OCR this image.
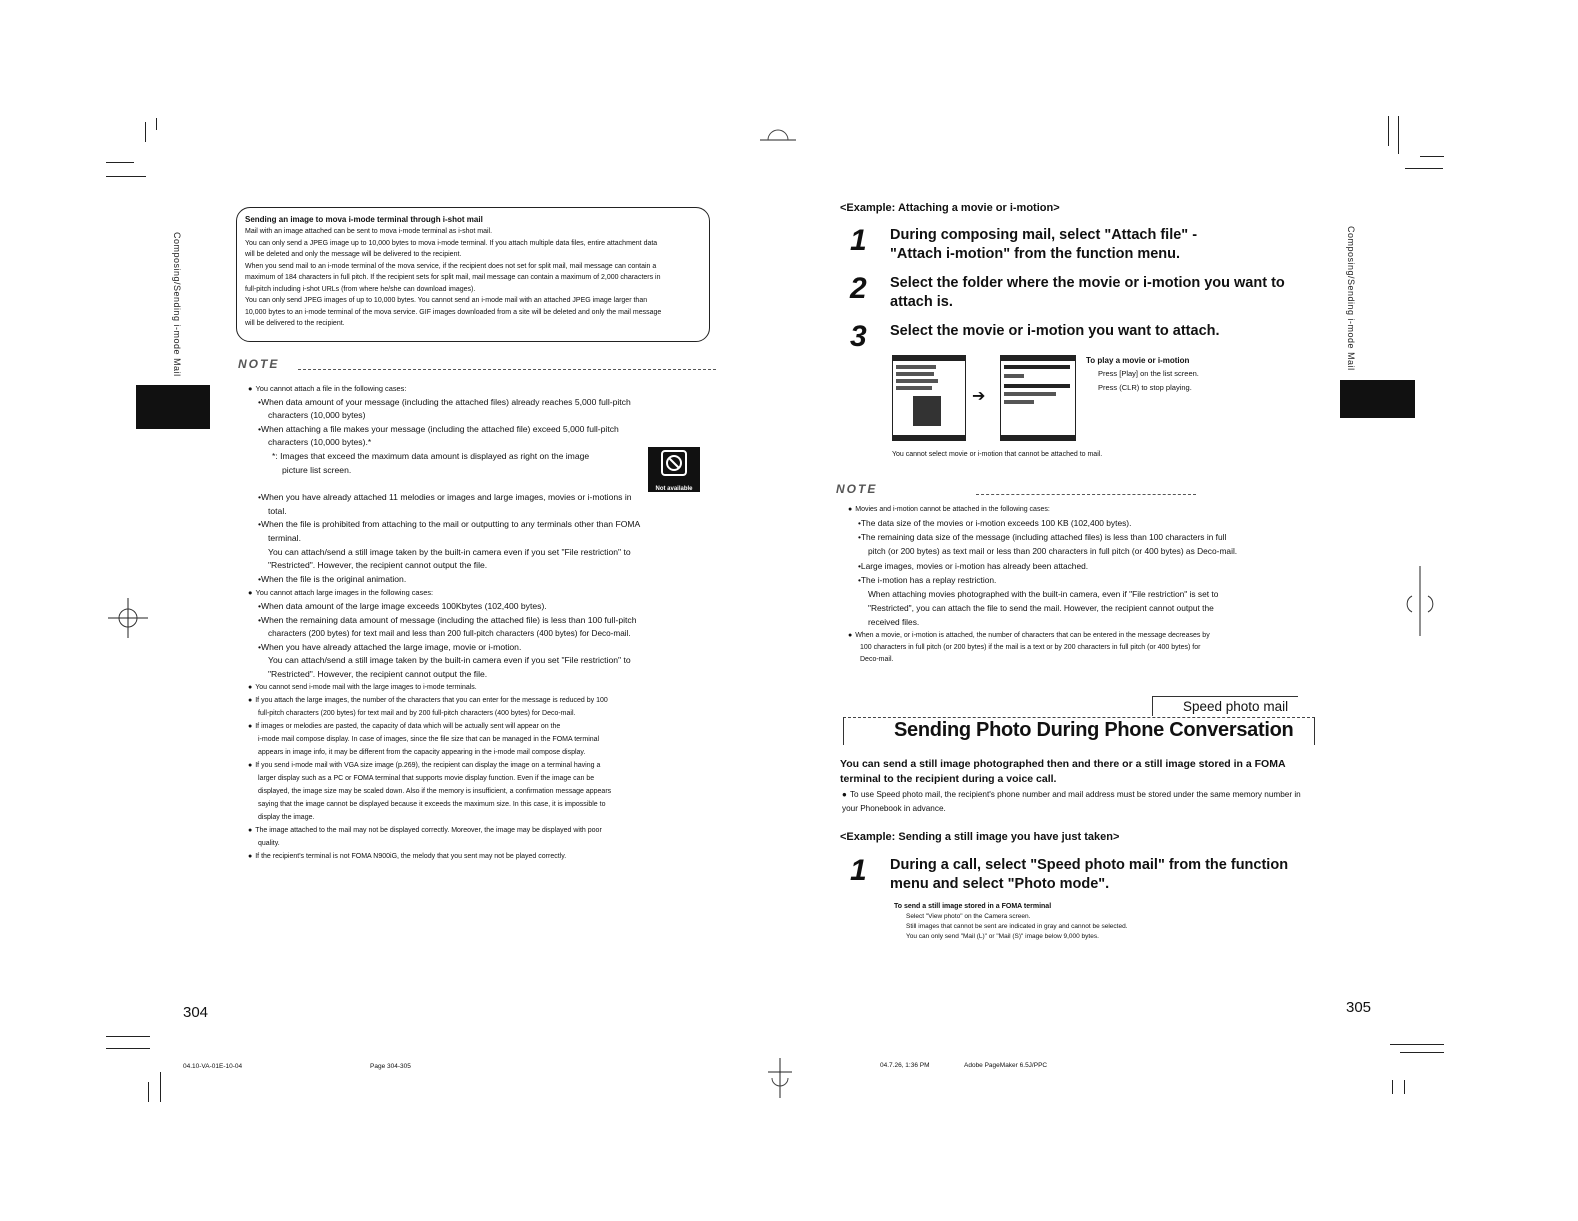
Composing/Sending i-mode Mail
Sending an image to mova i-mode terminal through i-shot mail
Mail with an image attached can be sent to mova i-mode terminal as i-shot mail.
You can only send a JPEG image up to 10,000 bytes to mova i-mode terminal. If you attach multiple data files, entire attachment data
will be deleted and only the message will be delivered to the recipient.
When you send mail to an i-mode terminal of the mova service, if the recipient does not set for split mail, mail message can contain a
maximum of 184 characters in full pitch. If the recipient sets for split mail, mail message can contain a maximum of 2,000 characters in
full-pitch including i-shot URLs (from where he/she can download images).
You can only send JPEG images of up to 10,000 bytes. You cannot send an i-mode mail with an attached JPEG image larger than
10,000 bytes to an i-mode terminal of the mova service. GIF images downloaded from a site will be deleted and only the mail message
will be delivered to the recipient.
NOTE
● You cannot attach a file in the following cases:
•When data amount of your message (including the attached files) already reaches 5,000 full-pitch
characters (10,000 bytes)
•When attaching a file makes your message (including the attached file) exceed 5,000 full-pitch
characters (10,000 bytes).*
*: Images that exceed the maximum data amount is displayed as right on the image
picture list screen.
•When you have already attached 11 melodies or images and large images, movies or i-motions in
total.
•When the file is prohibited from attaching to the mail or outputting to any terminals other than FOMA
terminal.
You can attach/send a still image taken by the built-in camera even if you set "File restriction" to
"Restricted". However, the recipient cannot output the file.
•When the file is the original animation.
● You cannot attach large images in the following cases:
•When data amount of the large image exceeds 100Kbytes (102,400 bytes).
•When the remaining data amount of message (including the attached file) is less than 100 full-pitch
characters (200 bytes) for text mail and less than 200 full-pitch characters (400 bytes) for Deco-mail.
•When you have already attached the large image, movie or i-motion.
You can attach/send a still image taken by the built-in camera even if you set "File restriction" to
"Restricted". However, the recipient cannot output the file.
● You cannot send i-mode mail with the large images to i-mode terminals.
● If you attach the large images, the number of the characters that you can enter for the message is reduced by 100
full-pitch characters (200 bytes) for text mail and by 200 full-pitch characters (400 bytes) for Deco-mail.
● If images or melodies are pasted, the capacity of data which will be actually sent will appear on the
i-mode mail compose display. In case of images, since the file size that can be managed in the FOMA terminal
appears in image info, it may be different from the capacity appearing in the i-mode mail compose display.
● If you send i-mode mail with VGA size image (p.269), the recipient can display the image on a terminal having a
larger display such as a PC or FOMA terminal that supports movie display function. Even if the image can be
displayed, the image size may be scaled down. Also if the memory is insufficient, a confirmation message appears
saying that the image cannot be displayed because it exceeds the maximum size. In this case, it is impossible to
display the image.
● The image attached to the mail may not be displayed correctly. Moreover, the image may be displayed with poor
quality.
● If the recipient's terminal is not FOMA N900iG, the melody that you sent may not be played correctly.
Not available
304
04.10-VA-01E-10-04	Page 304-305
Composing/Sending i-mode Mail
<Example: Attaching a movie or i-motion>
1	During composing mail, select "Attach file" - "Attach i-motion" from the function menu.
2	Select the folder where the movie or i-motion you want to attach is.
3	Select the movie or i-motion you want to attach.
➔
To play a movie or i-motion
Press [Play] on the list screen.
Press (CLR) to stop playing.
You cannot select movie or i-motion that cannot be attached to mail.
NOTE
● Movies and i-motion cannot be attached in the following cases:
•The data size of the movies or i-motion exceeds 100 KB (102,400 bytes).
•The remaining data size of the message (including attached files) is less than 100 characters in full
pitch (or 200 bytes) as text mail or less than 200 characters in full pitch (or 400 bytes) as Deco-mail.
•Large images, movies or i-motion has already been attached.
•The i-motion has a replay restriction.
When attaching movies photographed with the built-in camera, even if "File restriction" is set to
"Restricted", you can attach the file to send the mail. However, the recipient cannot output the
received files.
● When a movie, or i-motion is attached, the number of characters that can be entered in the message decreases by
100 characters in full pitch (or 200 bytes) if the mail is a text or by 200 characters in full pitch (or 400 bytes) for
Deco-mail.
Speed photo mail
Sending Photo During Phone Conversation
You can send a still image photographed then and there or a still image stored in a FOMA terminal to the recipient during a voice call.
● To use Speed photo mail, the recipient's phone number and mail address must be stored under the same memory number in your Phonebook in advance.
<Example: Sending a still image you have just taken>
1	During a call, select "Speed photo mail" from the function menu and select "Photo mode".
To send a still image stored in a FOMA terminal
Select "View photo" on the Camera screen.
Still images that cannot be sent are indicated in gray and cannot be selected.
You can only send "Mail (L)" or "Mail (S)" image below 9,000 bytes.
305
04.7.26, 1:36 PM	Adobe PageMaker 6.5J/PPC
